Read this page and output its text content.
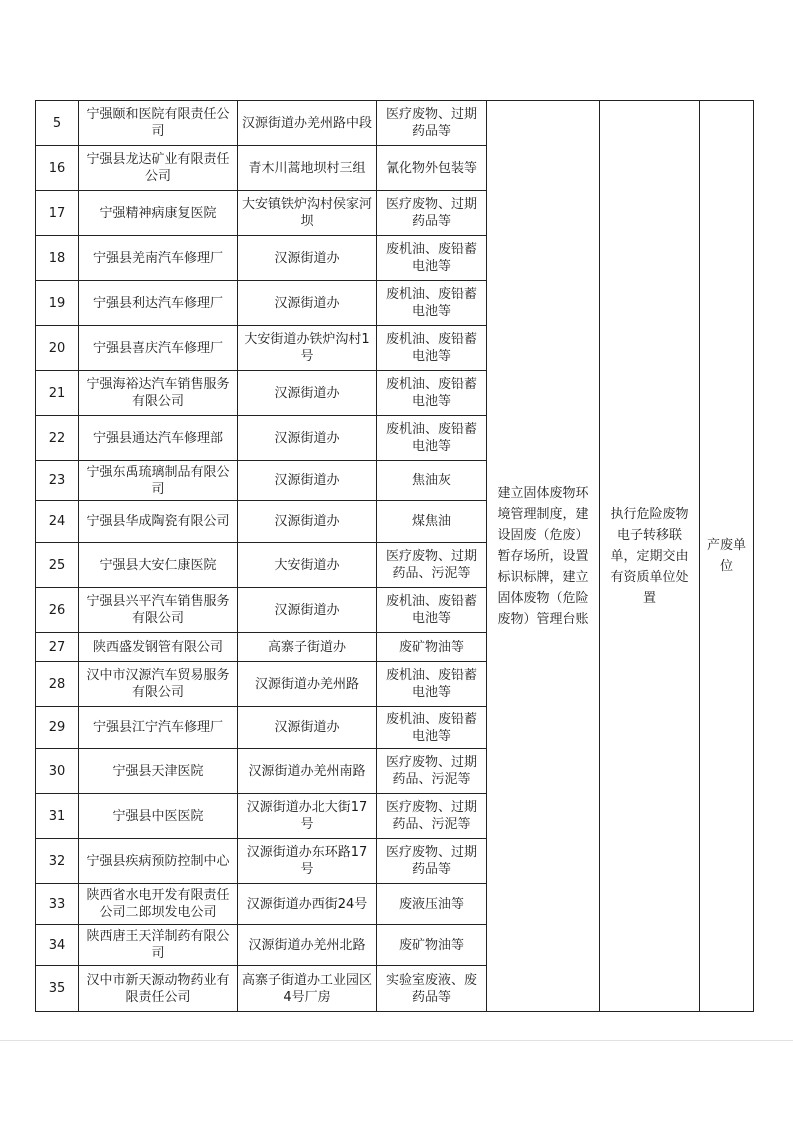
5	宁强颐和医院有限责任公司	汉源街道办羌州路中段	医疗废物、过期药品等	建立固体废物环境管理制度，建设固废（危废）暂存场所，设置标识标牌，建立固体废物（危险废物）管理台账	执行危险废物电子转移联单，定期交由有资质单位处置	产废单位
16	宁强县龙达矿业有限责任公司	青木川蒿地坝村三组	氰化物外包装等			
17	宁强精神病康复医院	大安镇铁炉沟村侯家河坝	医疗废物、过期药品等			
18	宁强县羌南汽车修理厂	汉源街道办	废机油、废铅蓄电池等			
19	宁强县利达汽车修理厂	汉源街道办	废机油、废铅蓄电池等			
20	宁强县喜庆汽车修理厂	大安街道办铁炉沟村1号	废机油、废铅蓄电池等			
21	宁强海裕达汽车销售服务有限公司	汉源街道办	废机油、废铅蓄电池等			
22	宁强县通达汽车修理部	汉源街道办	废机油、废铅蓄电池等			
23	宁强东禹琉璃制品有限公司	汉源街道办	焦油灰			
24	宁强县华成陶瓷有限公司	汉源街道办	煤焦油			
25	宁强县大安仁康医院	大安街道办	医疗废物、过期药品、污泥等			
26	宁强县兴平汽车销售服务有限公司	汉源街道办	废机油、废铅蓄电池等			
27	陕西盛发钢管有限公司	高寨子街道办	废矿物油等			
28	汉中市汉源汽车贸易服务有限公司	汉源街道办羌州路	废机油、废铅蓄电池等			
29	宁强县江宁汽车修理厂	汉源街道办	废机油、废铅蓄电池等			
30	宁强县天津医院	汉源街道办羌州南路	医疗废物、过期药品、污泥等			
31	宁强县中医医院	汉源街道办北大街17号	医疗废物、过期药品、污泥等			
32	宁强县疾病预防控制中心	汉源街道办东环路17号	医疗废物、过期药品等			
33	陕西省水电开发有限责任公司二郎坝发电公司	汉源街道办西街24号	废液压油等			
34	陕西唐王天洋制药有限公司	汉源街道办羌州北路	废矿物油等			
35	汉中市新天源动物药业有限责任公司	高寨子街道办工业园区4号厂房	实验室废液、废药品等			
